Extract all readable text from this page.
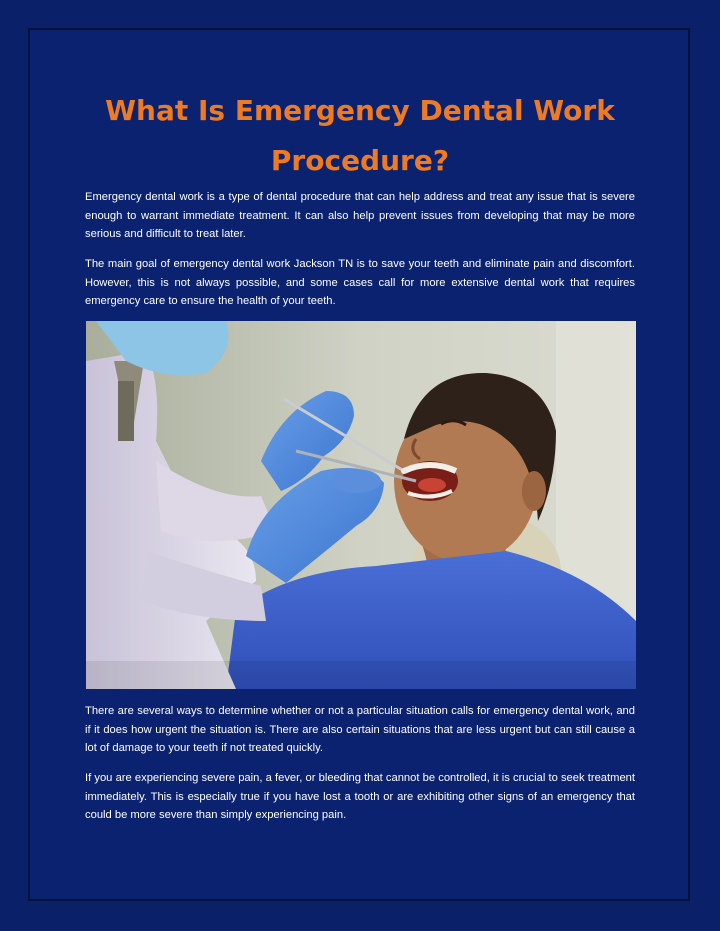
What Is Emergency Dental Work Procedure?

Emergency dental work is a type of dental procedure that can help address and treat any issue that is severe enough to warrant immediate treatment. It can also help prevent issues from developing that may be more serious and difficult to treat later.

The main goal of emergency dental work Jackson TN is to save your teeth and eliminate pain and discomfort. However, this is not always possible, and some cases call for more extensive dental work that requires emergency care to ensure the health of your teeth.

There are several ways to determine whether or not a particular situation calls for emergency dental work, and if it does how urgent the situation is. There are also certain situations that are less urgent but can still cause a lot of damage to your teeth if not treated quickly.

If you are experiencing severe pain, a fever, or bleeding that cannot be controlled, it is crucial to seek treatment immediately. This is especially true if you have lost a tooth or are exhibiting other signs of an emergency that could be more severe than simply experiencing pain.
